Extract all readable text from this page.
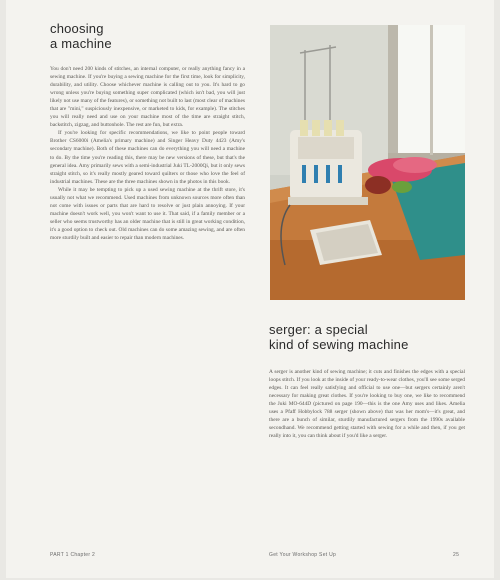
choosing
a machine

You don't need 200 kinds of stitches, an internal computer, or really anything fancy in a sewing machine. If you're buying a sewing machine for the first time, look for simplicity, durability, and utility. Choose whichever machine is calling out to you. It's hard to go wrong unless you're buying something super complicated (which isn't bad, you will just likely not use many of the features), or something not built to last (most clear of machines that are "mini," suspiciously inexpensive, or marketed to kids, for example). The stitches you will really need and use on your machine most of the time are straight stitch, backstitch, zigzag, and buttonhole. The rest are fun, but extra.

If you're looking for specific recommendations, we like to point people toward Brother CS6000i (Amelia's primary machine) and Singer Heavy Duty 4423 (Amy's secondary machine). Both of these machines can do everything you will need a machine to do. By the time you're reading this, there may be new versions of these, but that's the general idea. Amy primarily sews with a semi-industrial Juki TL-2000Qi, but it only sews straight stitch, so it's really mostly geared toward quilters or those who love the feel of industrial machines. These are the three machines shown in the photos in this book.

While it may be tempting to pick up a used sewing machine at the thrift store, it's usually not what we recommend. Used machines from unknown sources more often than not come with issues or parts that are hard to resolve or just plain annoying. If your machine doesn't work well, you won't want to use it. That said, if a family member or a seller who seems trustworthy has an older machine that is still in great working condition, it's a good option to check out. Old machines can do some amazing sewing, and are often more sturdily built and easier to repair than modern machines.

serger: a special
kind of sewing machine

A serger is another kind of sewing machine; it cuts and finishes the edges with a special loops stitch. If you look at the inside of your ready-to-wear clothes, you'll see some serged edges. It can feel really satisfying and official to use one—but sergers certainly aren't necessary for making great clothes. If you're looking to buy one, we like to recommend the Juki MO-644D (pictured on page 190—this is the one Amy uses and likes. Amelia uses a Pfaff Hobbylock 788 serger (shown above) that was her mom's—it's great, and there are a bunch of similar, sturdily manufactured sergers from the 1990s available secondhand. We recommend getting started with sewing for a while and then, if you get really into it, you can think about if you'd like a serger.

PART 1 Chapter 2	Get Your Workshop Set Up	25
